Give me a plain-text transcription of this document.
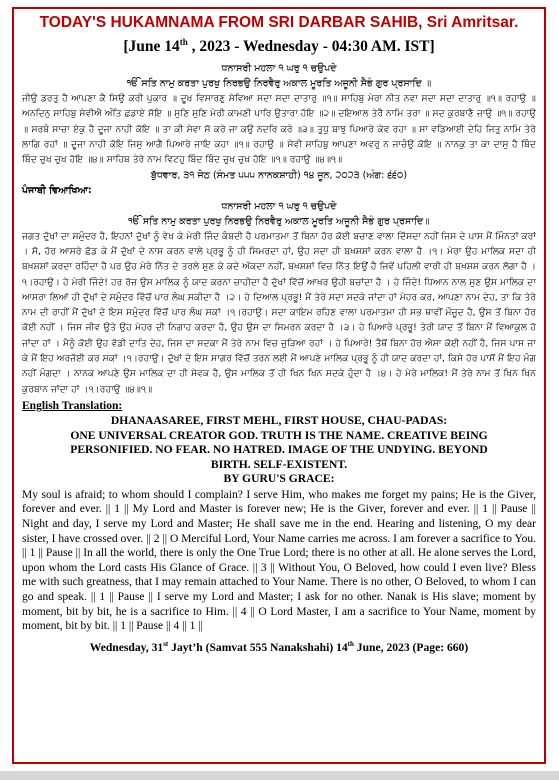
TODAY'S HUKAMNAMA FROM SRI DARBAR SAHIB, Sri Amritsar.
[June 14th , 2023 - Wednesday - 04:30 AM. IST]
ਧਨਾਸਰੀ ਮਹਲਾ ੧ ਘਰੁ ੧ ਚਉਪਦੇ
ੴ ਸਤਿ ਨਾਮੁ ਕਰਤਾ ਪੁਰਖੁ ਨਿਰਭਉ ਨਿਰਵੈਰੁ ਅਕਾਲ ਮੂਰਤਿ ਅਜੂਨੀ ਸੈਭੰ ਗੁਰ ਪ੍ਰਸਾਦਿ ॥

ਜੀਉ ਡਰਤੁ ਹੈ ਆਪਣਾ ਕੈ ਸਿਉ ਕਰੀ ਪੁਕਾਰ ॥ ਦੂਖ ਵਿਸਾਰਣੁ ਸੇਵਿਆ ਸਦਾ ਸਦਾ ਦਾਤਾਰੁ ॥੧॥ ਸਾਹਿਬੁ ਮੇਰਾ ਨੀਤ ਨਵਾ ਸਦਾ ਸਦਾ ਦਾਤਾਰੁ ॥੧॥ ਰਹਾਉ ॥ ਅਨਦਿਨੁ ਸਾਹਿਬੁ ਸੇਵੀਐ ਅੰਤਿ ਛਡਾਏ ਸੋਇ ॥ ਸੁਣਿ ਸੁਣਿ ਮੇਰੀ ਕਾਮਣੀ ਪਾਰਿ ਉਤਾਰਾ ਹੋਇ ॥੨॥ ਦਇਆਲ ਤੇਰੈ ਨਾਮਿ ਤਰਾ ॥ ਸਦ ਕੁਰਬਾਣੈ ਜਾਉ ॥੧॥ ਰਹਾਉ ॥ ਸਰਬੰ ਸਾਚਾ ਏਕੁ ਹੈ ਦੂਜਾ ਨਾਹੀ ਕੋਇ ॥ ਤਾ ਕੀ ਸੇਵਾ ਸੋ ਕਰੇ ਜਾ ਕਉ ਨਦਰਿ ਕਰੇ ॥੩॥ ਤੁਧੁ ਬਾਝੁ ਪਿਆਰੇ ਕੇਵ ਰਹਾ ॥ ਸਾ ਵਡਿਆਈ ਦੇਹਿ ਜਿਤੁ ਨਾਮਿ ਤੇਰੇ ਲਾਗਿ ਰਹਾਂ ॥ ਦੂਜਾ ਨਾਹੀ ਕੋਇ ਜਿਸੁ ਆਗੈ ਪਿਆਰੇ ਜਾਇ ਕਹਾ ॥੧॥ ਰਹਾਉ ॥ ਸੇਵੀ ਸਾਹਿਬੁ ਆਪਣਾ ਅਵਰੁ ਨ ਜਾਚੰਉ ਕੋਇ ॥ ਨਾਨਕੁ ਤਾ ਕਾ ਦਾਸੁ ਹੈ ਬਿੰਦ ਬਿੰਦ ਚੁਖ ਚੁਖ ਹੋਇ ॥੪॥ ਸਾਹਿਬ ਤੇਰੇ ਨਾਮ ਵਿਟਹੁ ਬਿੰਦ ਬਿੰਦ ਚੁਖ ਚੁਖ ਹੋਇ ॥੧॥ ਰਹਾਉ ॥੪॥੧॥

ਬੁੱਧਵਾਰ, ੩੧ ਜੇਠ (ਸੰਮਤ ੫੫੫ ਨਾਨਕਸ਼ਾਹੀ) ੧੪ ਜੂਨ, ੨੦੨੩ (ਅੰਗ: ੬੬੦)
ਪੰਜਾਬੀ ਵਿਆਖਿਆ:
ਧਨਾਸਰੀ ਮਹਲਾ ੧ ਘਰੁ ੧ ਚਉਪਦੇ
ੴ ਸਤਿ ਨਾਮੁ ਕਰਤਾ ਪੁਰਖੁ ਨਿਰਭਉ ਨਿਰਵੈਰੁ ਅਕਾਲ ਮੂਰਤਿ ਅਜੂਨੀ ਸੈਭੰ ਗੁਰ ਪ੍ਰਸਾਦਿ॥

ਜਗਤ ਦੁੱਖਾਂ ਦਾ ਸਮੁੰਦਰ ਹੈ, ਇਹਨਾਂ ਦੁੱਖਾਂ ਨੂੰ ਵੇਖ ਕੇ ਮੇਰੀ ਜਿੰਦ ਕੰਬਦੀ ਹੈ ਪਰਮਾਤਮਾ ਤੋਂ ਬਿਨਾ ਹੋਰ ਕੋਈ ਬਚਾਣ ਵਾਲਾ ਦਿੱਸਦਾ ਨਹੀਂ ਜਿਸ ਦੇ ਪਾਸ ਮੈਂ ਮਿੰਨਤਾਂ ਕਰਾਂ । ਸੋ, ਹੋਰ ਆਸਰੇ ਛੱਡ ਕੇ ਮੈਂ ਦੁੱਖਾਂ ਦੇ ਨਾਸ ਕਰਨ ਵਾਲੇ ਪ੍ਰਭੂ ਨੂੰ ਹੀ ਸਿਮਰਦਾ ਹਾਂ, ਉਹ ਸਦਾ ਹੀ ਬਖ਼ਸ਼ਸ਼ਾਂ ਕਰਨ ਵਾਲਾ ਹੈ ।੧। ਮੇਰਾ ਉਹ ਮਾਲਿਕ ਸਦਾ ਹੀ ਬਖ਼ਸ਼ਸ਼ਾਂ ਕਰਦਾ ਰਹਿੰਦਾ ਹੈ ਪਰ ਉਹ ਮੇਰੇ ਨਿੱਤ ਦੇ ਤਰਲੇ ਸੁਣ ਕੇ ਕਦੇ ਅੱਕਦਾ ਨਹੀਂ, ਬਖ਼ਸ਼ਸ਼ਾਂ ਵਿਚ ਨਿੱਤ ਇਉਂ ਹੈ ਜਿਵੇਂ ਪਹਿਲੀ ਵਾਰੀ ਹੀ ਬਖ਼ਸ਼ਸ਼ ਕਰਨ ਲੱਗਾ ਹੈ ।੧।ਰਹਾਉ। ਹੇ ਮੇਰੀ ਜਿੰਦੇ! ਹਰ ਰੋਜ਼ ਉਸ ਮਾਲਿਕ ਨੂੰ ਯਾਦ ਕਰਨਾ ਚਾਹੀਦਾ ਹੈ ਦੁੱਖਾਂ ਵਿੱਚੋਂ ਆਖ਼ਰ ਉਹੀ ਬਚਾਂਦਾ ਹੈ । ਹੇ ਜਿੰਦੇ! ਧਿਆਨ ਨਾਲ ਸੁਣ ਉਸ ਮਾਲਿਕ ਦਾ ਆਸਰਾ ਲਿਆਂ ਹੀ ਦੁੱਖਾਂ ਦੇ ਸਮੁੰਦਰ ਵਿੱਚੋਂ ਪਾਰ ਲੰਘ ਸਕੀਦਾ ਹੈ ।੨। ਹੇ ਦਿਆਲ ਪ੍ਰਭੂ! ਮੈਂ ਤੇਰੇ ਸਦਾ ਸਦਕੇ ਜਾਂਦਾ ਹਾਂ ਮੇਹਰ ਕਰ, ਆਪਣਾ ਨਾਮ ਦੇਹ, ਤਾ ਕਿ ਤੇਰੇ ਨਾਮ ਦੀ ਰਾਹੀਂ ਮੈਂ ਦੁੱਖਾਂ ਦੇ ਇਸ ਸਮੁੰਦਰ ਵਿੱਚੋਂ ਪਾਰ ਲੰਘ ਸਕਾਂ ।੧।ਰਹਾਉ। ਸਦਾ ਕਾਇਮ ਰਹਿਣ ਵਾਲਾ ਪਰਮਾਤਮਾ ਹੀ ਸਭ ਥਾਵੀਂ ਮੌਜੂਦ ਹੈ, ਉਸ ਤੋਂ ਬਿਨਾ ਹੋਰ ਕੋਈ ਨਹੀਂ । ਜਿਸ ਜੀਵ ਉਤੇ ਉਹ ਮੇਹਰ ਦੀ ਨਿਗਾਹ ਕਰਦਾ ਹੈ, ਉਹ ਉਸ ਦਾ ਸਿਮਰਨ ਕਰਦਾ ਹੈ ।੩। ਹੇ ਪਿਆਰੇ ਪ੍ਰਭੂ! ਤੇਰੀ ਯਾਦ ਤੋਂ ਬਿਨਾ ਮੈਂ ਵਿਆਕੁਲ ਹੋ ਜਾਂਦਾ ਹਾਂ । ਮੈਨੂੰ ਕੋਈ ਉਹ ਵੱਡੀ ਦਾਤਿ ਦੇਹ, ਜਿਸ ਦਾ ਸਦਕਾ ਮੈਂ ਤੇਰੇ ਨਾਮ ਵਿਚ ਜੁੜਿਆ ਰਹਾਂ । ਹੇ ਪਿਆਰੇ! ਤੈਥੋਂ ਬਿਨਾ ਹੋਰ ਐਸਾ ਕੋਈ ਨਹੀਂ ਹੈ, ਜਿਸ ਪਾਸ ਜਾ ਕੇ ਮੈਂ ਇਹ ਅਰਜ਼ੋਈ ਕਰ ਸਕਾਂ ।੧।ਰਹਾਉ। ਦੁੱਖਾਂ ਦੇ ਇਸ ਸਾਗਰ ਵਿੱਚੋਂ ਤਰਨ ਲਈ ਮੈਂ ਆਪਣੇ ਮਾਲਿਕ ਪ੍ਰਭੂ ਨੂੰ ਹੀ ਯਾਦ ਕਰਦਾ ਹਾਂ, ਕਿਸੇ ਹੋਰ ਪਾਸੋਂ ਮੈਂ ਇਹ ਮੰਗ ਨਹੀਂ ਮੰਗਦਾ । ਨਾਨਕ ਆਪਣੇ ਉਸ ਮਾਲਿਕ ਦਾ ਹੀ ਸੇਵਕ ਹੈ, ਉਸ ਮਾਲਿਕ ਤੋਂ ਹੀ ਖਿਨ ਖਿਨ ਸਦਕੇ ਹੁੰਦਾ ਹੈ ।੪। ਹੇ ਮੇਰੇ ਮਾਲਿਕ! ਮੈਂ ਤੇਰੇ ਨਾਮ ਤੋਂ ਖਿਨ ਖਿਨ ਕੁਰਬਾਨ ਜਾਂਦਾ ਹਾਂ ।੧।ਰਹਾਉ ॥੪॥੧॥

English Translation:
DHANAASAREE, FIRST MEHL, FIRST HOUSE, CHAU-PADAS:
ONE UNIVERSAL CREATOR GOD. TRUTH IS THE NAME. CREATIVE BEING
PERSONIFIED. NO FEAR. NO HATRED. IMAGE OF THE UNDYING. BEYOND
BIRTH. SELF-EXISTENT.
BY GURU'S GRACE:

My soul is afraid; to whom should I complain? I serve Him, who makes me forget my pains; He is the Giver, forever and ever. || 1 || My Lord and Master is forever new; He is the Giver, forever and ever. || 1 || Pause || Night and day, I serve my Lord and Master; He shall save me in the end. Hearing and listening, O my dear sister, I have crossed over. || 2 || O Merciful Lord, Your Name carries me across. I am forever a sacrifice to You. || 1 || Pause || In all the world, there is only the One True Lord; there is no other at all. He alone serves the Lord, upon whom the Lord casts His Glance of Grace. || 3 || Without You, O Beloved, how could I even live? Bless me with such greatness, that I may remain attached to Your Name. There is no other, O Beloved, to whom I can go and speak. || 1 || Pause || I serve my Lord and Master; I ask for no other. Nanak is His slave; moment by moment, bit by bit, he is a sacrifice to Him. || 4 || O Lord Master, I am a sacrifice to Your Name, moment by moment, bit by bit. || 1 || Pause || 4 || 1 ||

Wednesday, 31st Jayt’h (Samvat 555 Nanakshahi) 14th June, 2023 (Page: 660)
